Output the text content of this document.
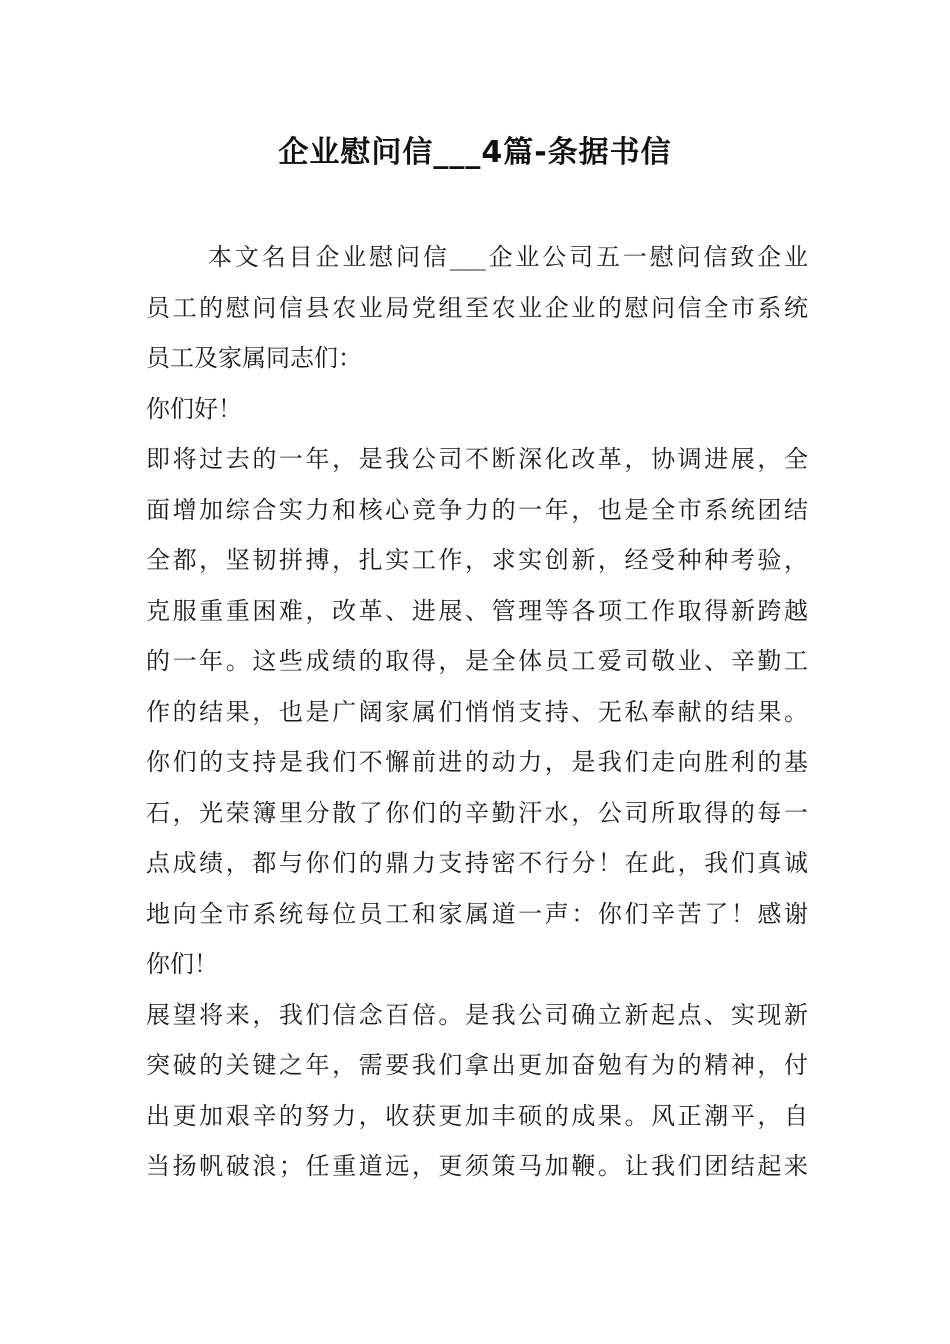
企业慰问信___4篇-条据书信
本文名目企业慰问信___企业公司五一慰问信致企业
员工的慰问信县农业局党组至农业企业的慰问信全市系统
员工及家属同志们：
你们好！
即将过去的一年，是我公司不断深化改革，协调进展，全
面增加综合实力和核心竞争力的一年，也是全市系统团结
全都，坚韧拼搏，扎实工作，求实创新，经受种种考验，
克服重重困难，改革、进展、管理等各项工作取得新跨越
的一年。这些成绩的取得，是全体员工爱司敬业、辛勤工
作的结果，也是广阔家属们悄悄支持、无私奉献的结果。
你们的支持是我们不懈前进的动力，是我们走向胜利的基
石，光荣簿里分散了你们的辛勤汗水，公司所取得的每一
点成绩，都与你们的鼎力支持密不行分！在此，我们真诚
地向全市系统每位员工和家属道一声：你们辛苦了！感谢
你们！
展望将来，我们信念百倍。是我公司确立新起点、实现新
突破的关键之年，需要我们拿出更加奋勉有为的精神，付
出更加艰辛的努力，收获更加丰硕的成果。风正潮平，自
当扬帆破浪；任重道远，更须策马加鞭。让我们团结起来
